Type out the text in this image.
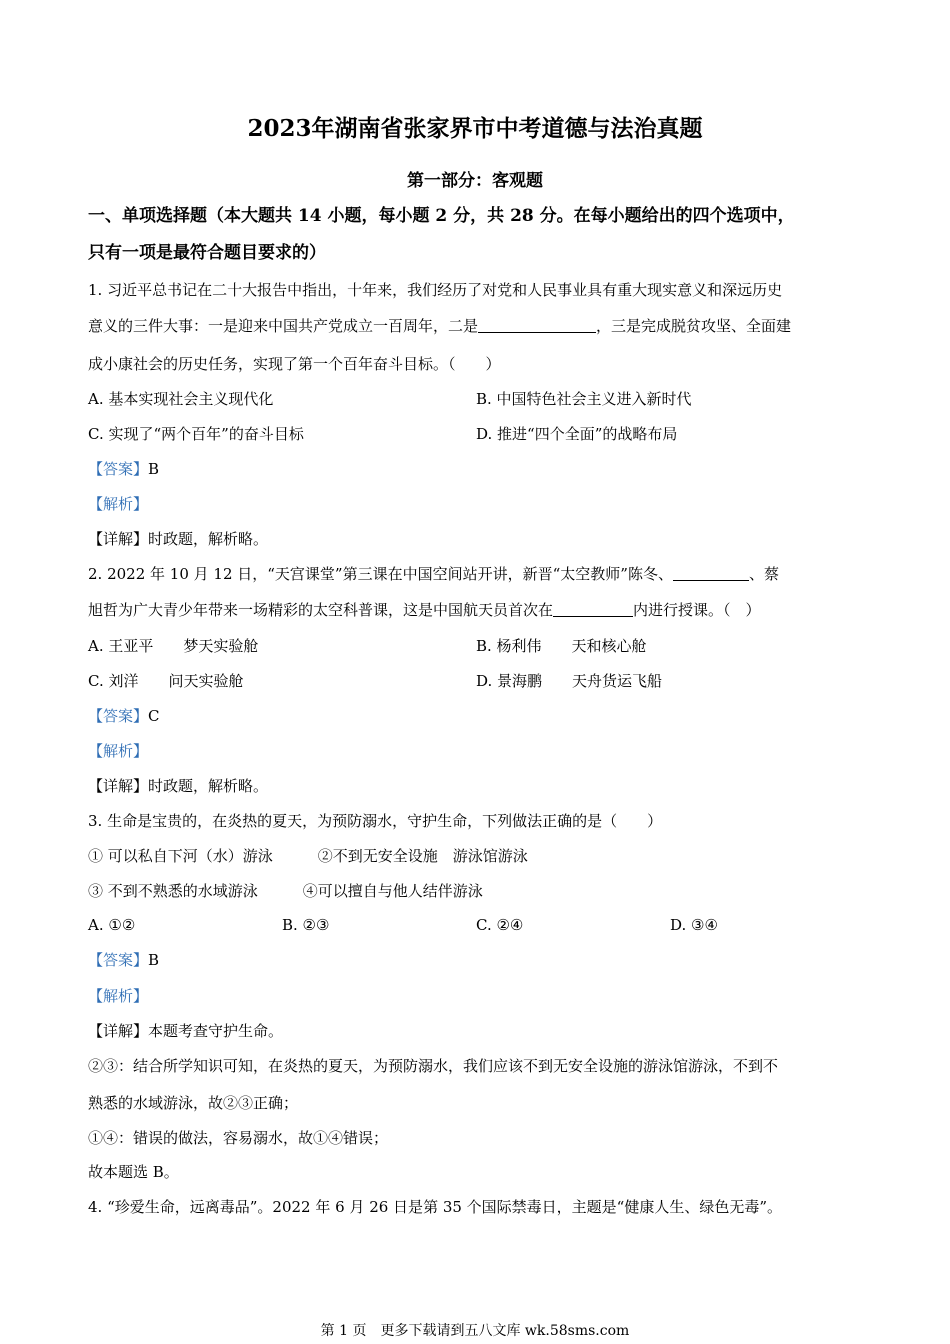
2023年湖南省张家界市中考道德与法治真题
第一部分：客观题
一、单项选择题（本大题共 14 小题，每小题 2 分，共 28 分。在每小题给出的四个选项中，
只有一项是最符合题目要求的）
1. 习近平总书记在二十大报告中指出，十年来，我们经历了对党和人民事业具有重大现实意义和深远历史
意义的三件大事：一是迎来中国共产党成立一百周年，二是	，三是完成脱贫攻坚、全面建
成小康社会的历史任务，实现了第一个百年奋斗目标。（　　）
A. 基本实现社会主义现代化	B. 中国特色社会主义进入新时代
C. 实现了“两个百年”的奋斗目标	D. 推进“四个全面”的战略布局
【答案】B
【解析】
【详解】时政题，解析略。
2. 2022 年 10 月 12 日，“天宫课堂”第三课在中国空间站开讲，新晋“太空教师”陈冬、	、蔡
旭哲为广大青少年带来一场精彩的太空科普课，这是中国航天员首次在	内进行授课。（　）
A. 王亚平　　梦天实验舱	B. 杨利伟　　天和核心舱
C. 刘洋　　问天实验舱	D. 景海鹏　　天舟货运飞船
【答案】C
【解析】
【详解】时政题，解析略。
3. 生命是宝贵的，在炎热的夏天，为预防溺水，守护生命，下列做法正确的是（　　）
① 可以私自下河（水）游泳　　　②不到无安全设施　游泳馆游泳
③ 不到不熟悉的水域游泳　　　④可以擅自与他人结伴游泳
A. ①②	B. ②③	C. ②④	D. ③④
【答案】B
【解析】
【详解】本题考查守护生命。
②③：结合所学知识可知，在炎热的夏天，为预防溺水，我们应该不到无安全设施的游泳馆游泳，不到不
熟悉的水域游泳，故②③正确；
①④：错误的做法，容易溺水，故①④错误；
故本题选 B。
4. “珍爱生命，远离毒品”。2022 年 6 月 26 日是第 35 个国际禁毒日，主题是“健康人生、绿色无毒”。
第 1 页　更多下载请到五八文库 wk.58sms.com
